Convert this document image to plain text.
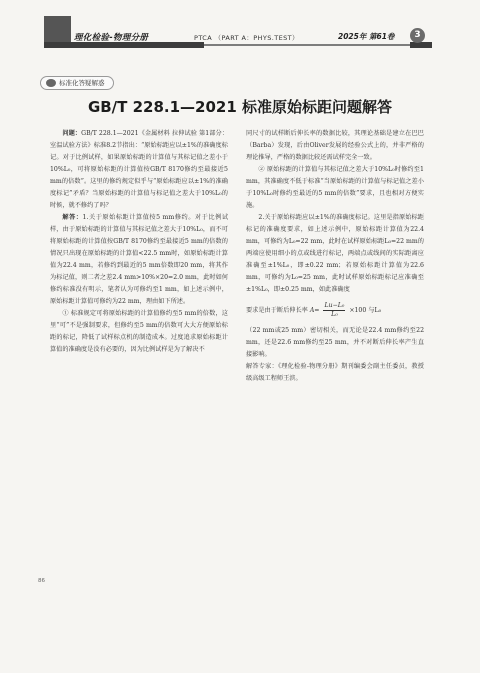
理化检验-物理分册	PTCA （PART A：PHYS.TEST）	2025年 第61卷	3
标准化答疑解惑
GB/T 228.1—2021 标准原始标距问题解答

问题：GB/T 228.1—2021《金属材料 拉伸试验 第1部分：室温试验方法》标准8.2节指出：“原始标距应以±1%的准确度标记。对于比例试样，如果原始标距的计算值与其标记值之差小于10%L₀，可将原始标距的计算值按GB/T 8170修约至最接近5 mm的倍数”。这里的修约规定似乎与“原始标距应以±1%的准确度标记”矛盾？当原始标距的计算值与标记值之差大于10%L₀的时候，就不修约了吗？

解答：1.关于原始标距计算值按5 mm修约。对于比例试样，由于原始标距的计算值与其标记值之差大于10%L₀，而不可将原始标距的计算值按GB/T 8170修约至最接近5 mm的倍数的情况只出现在原始标距的计算值<22.5 mm时，如原始标距计算值为22.4 mm，若修约到最近的5 mm倍数即20 mm，将其作为标记值，则二者之差2.4 mm>10%×20=2.0 mm，此时如何修约标准没有明示，笔者认为可修约至1 mm，如上述示例中，原始标距计算值可修约为22 mm，理由如下所述。

① 标准规定可将原始标距的计算值修约至5 mm的倍数，这里“可”不是强制要求，但修约至5 mm的倍数可大大方便原始标距的标记，降低了试样标点机的制造成本。过度追求原始标距计算值的准确度是没有必要的，因为比例试样是为了解决不

同尺寸的试样断后伸长率的数据比较，其理论基础是建立在巴巴（Barba）发现，后由Oliver发展的经验公式上的，并非严格的理论推导，严格的数据比较还需试样完全一致。

② 原始标距的计算值与其标记值之差大于10%L₀时修约至1 mm，其准确度不低于标准“当原始标距的计算值与标记值之差小于10%L₀时修约至最近的5 mm的倍数”要求，且也相对方便实施。

2.关于原始标距应以±1%的准确度标记。这里是指原始标距标记的准确度要求，如上述示例中，原始标距计算值为22.4 mm，可修约为L₀=22 mm，此时在试样原始标距L₀=22 mm的两端应使用细小的点或线进行标记，两端点或线间的实际距离应准确至±1%L₀，即±0.22 mm；若原始标距计算值为22.6 mm，可修约为L₀=25 mm，此时试样原始标距标记应准确至±1%L₀，即±0.25 mm，如此准确度

要求是由于断后伸长率 $A= \frac{\text{Lu−L₀}}{\text{L₀}} \times 100$ 与L₀

（22 mm或25 mm）密切相关，而无论是22.4 mm修约至22 mm，还是22.6 mm修约至25 mm，并不对断后伸长率产生直接影响。

解答专家：《理化检验-物理分册》期刊编委会副主任委员，教授级高级工程师王滨。

86
